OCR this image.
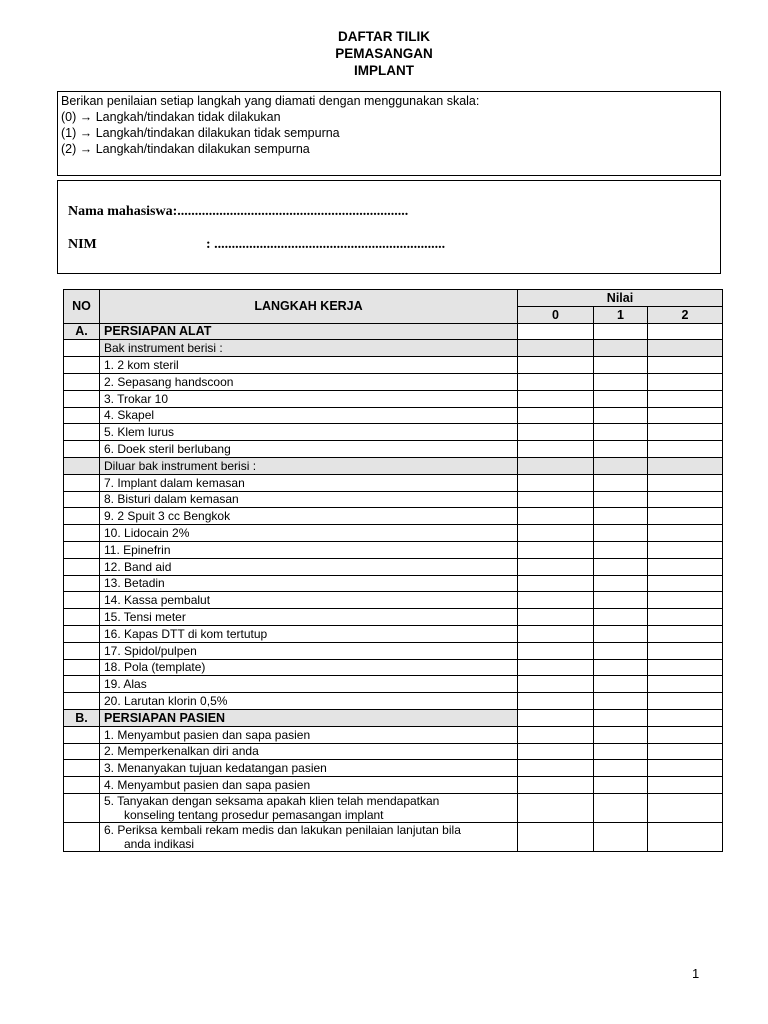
DAFTAR TILIK
PEMASANGAN
IMPLANT
Berikan penilaian setiap langkah yang diamati dengan menggunakan skala:
(0) → Langkah/tindakan tidak dilakukan
(1) → Langkah/tindakan dilakukan tidak sempurna
(2) → Langkah/tindakan dilakukan sempurna
Nama mahasiswa:..................................................................
NIM	: ..................................................................
NO	LANGKAH KERJA	Nilai		
		0	1	2
A.	PERSIAPAN ALAT			
	Bak instrument berisi :			
	1. 2 kom steril			
	2. Sepasang handscoon			
	3. Trokar 10			
	4. Skapel			
	5. Klem lurus			
	6. Doek steril berlubang			
	Diluar bak instrument berisi :			
	7. Implant dalam kemasan			
	8. Bisturi dalam kemasan			
	9. 2 Spuit 3 cc Bengkok			
	10. Lidocain 2%			
	11. Epinefrin			
	12. Band aid			
	13. Betadin			
	14. Kassa pembalut			
	15. Tensi meter			
	16. Kapas DTT di kom tertutup			
	17. Spidol/pulpen			
	18. Pola (template)			
	19. Alas			
	20. Larutan klorin 0,5%			
B.	PERSIAPAN PASIEN			
	1. Menyambut pasien dan sapa pasien			
	2. Memperkenalkan diri anda			
	3. Menanyakan tujuan kedatangan pasien			
	4. Menyambut pasien dan sapa pasien			
	5. Tanyakan dengan seksama apakah klien telah mendapatkan
konseling tentang prosedur pemasangan implant			

	6. Periksa kembali rekam medis dan lakukan penilaian lanjutan bila
anda indikasi			

1
